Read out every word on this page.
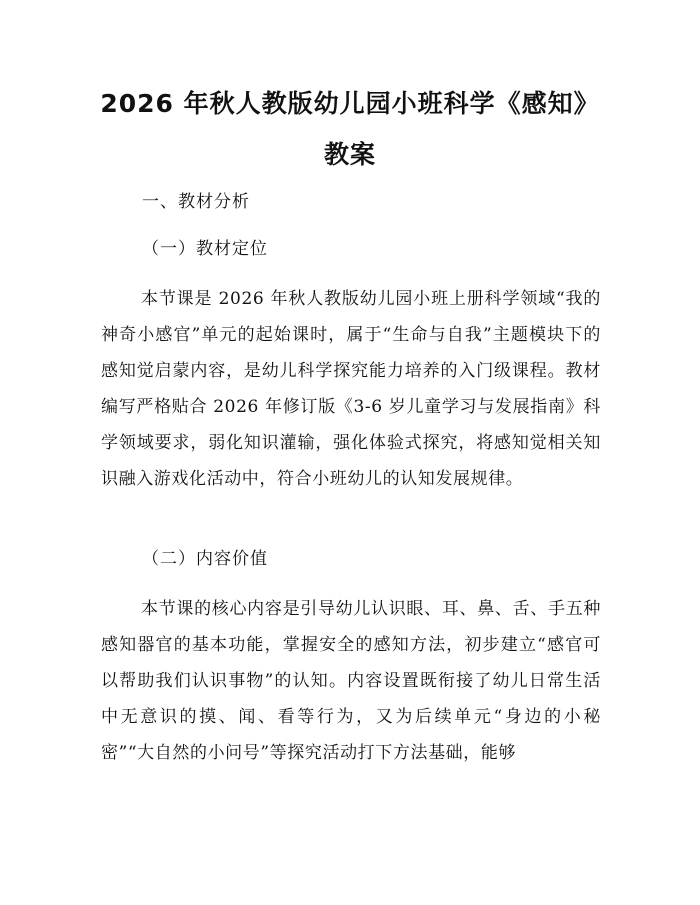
2026 年秋人教版幼儿园小班科学《感知》教案
一、教材分析
（一）教材定位
本节课是 2026 年秋人教版幼儿园小班上册科学领域“我的神奇小感官”单元的起始课时，属于“生命与自我”主题模块下的感知觉启蒙内容，是幼儿科学探究能力培养的入门级课程。教材编写严格贴合 2026 年修订版《3-6 岁儿童学习与发展指南》科学领域要求，弱化知识灌输，强化体验式探究，将感知觉相关知识融入游戏化活动中，符合小班幼儿的认知发展规律。
（二）内容价值
本节课的核心内容是引导幼儿认识眼、耳、鼻、舌、手五种感知器官的基本功能，掌握安全的感知方法，初步建立“感官可以帮助我们认识事物”的认知。内容设置既衔接了幼儿日常生活中无意识的摸、闻、看等行为，又为后续单元“身边的小秘密”“大自然的小问号”等探究活动打下方法基础，能够
